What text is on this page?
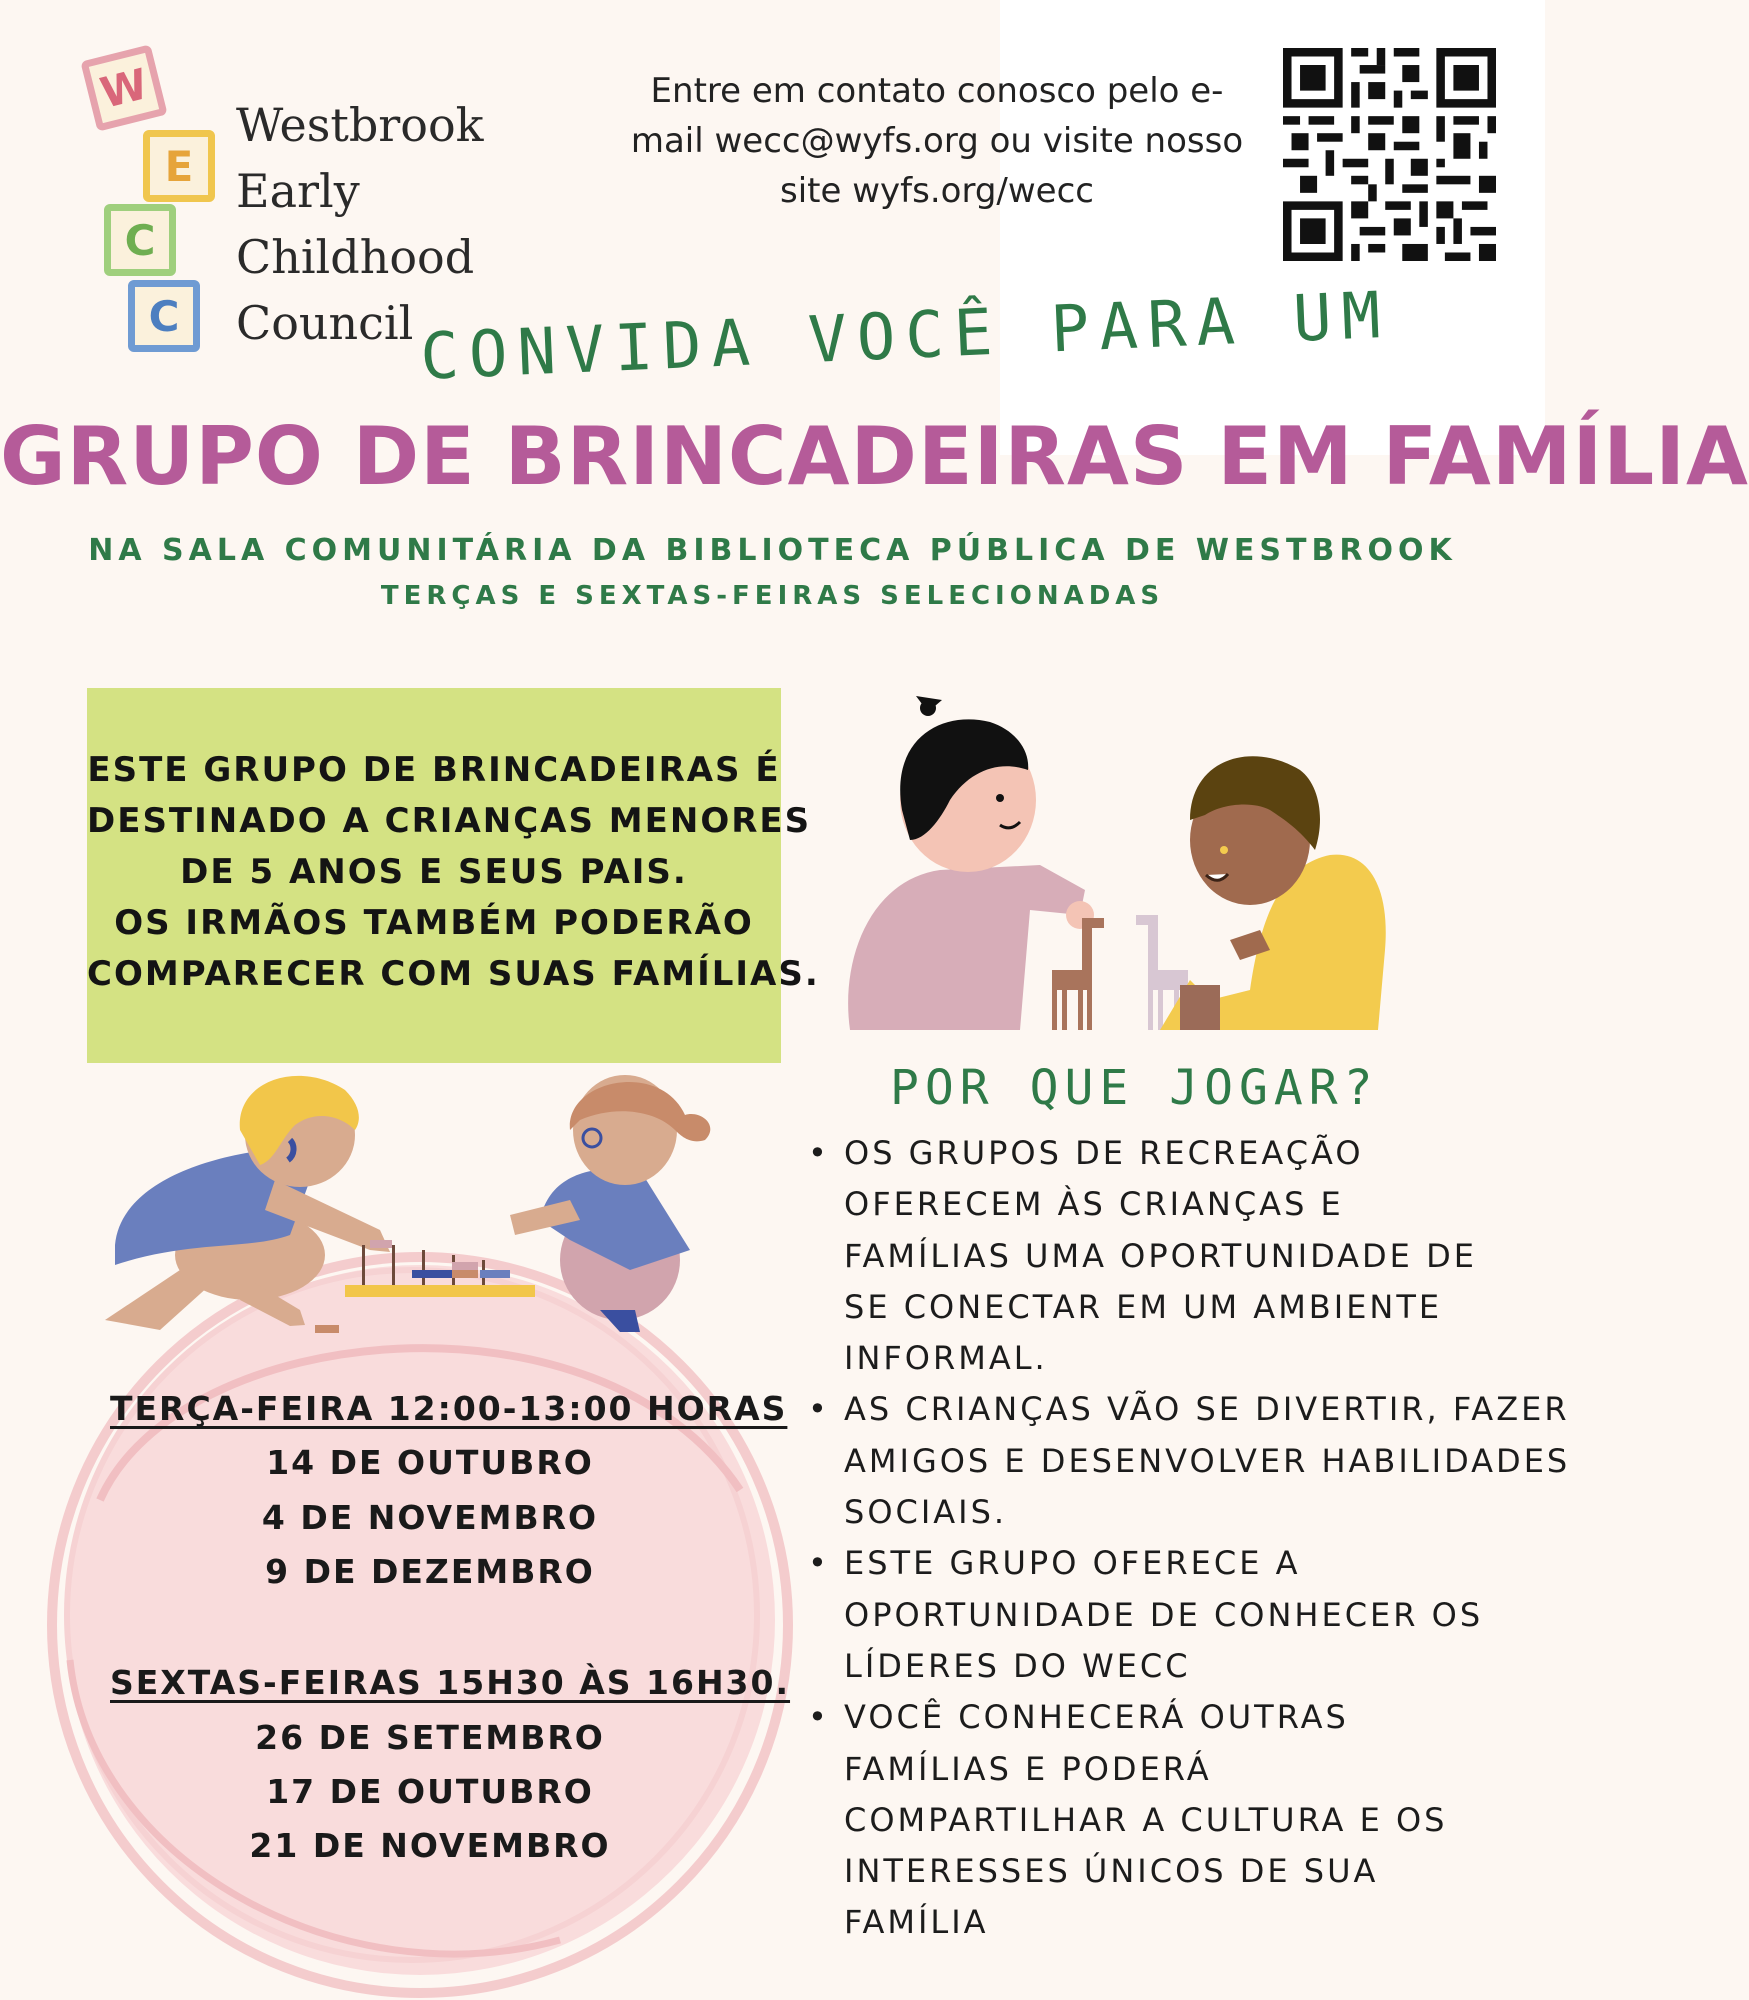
W
E
C
C
Westbrook
Early
Childhood
Council
Entre em contato conosco pelo e-
mail wecc@wyfs.org ou visite nosso
site wyfs.org/wecc
CONVIDA VOCÊ PARA UM
GRUPO DE BRINCADEIRAS EM FAMÍLIA
NA SALA COMUNITÁRIA DA BIBLIOTECA PÚBLICA DE WESTBROOK
TERÇAS E SEXTAS-FEIRAS SELECIONADAS
ESTE GRUPO DE BRINCADEIRAS É
DESTINADO A CRIANÇAS MENORES
DE 5 ANOS E SEUS PAIS.
OS IRMÃOS TAMBÉM PODERÃO
COMPARECER COM SUAS FAMÍLIAS.
TERÇA-FEIRA 12:00-13:00 HORAS
14 DE OUTUBRO
4 DE NOVEMBRO
9 DE DEZEMBRO
SEXTAS-FEIRAS 15H30 ÀS 16H30.
26 DE SETEMBRO
17 DE OUTUBRO
21 DE NOVEMBRO
POR QUE JOGAR?
• OS GRUPOS DE RECREAÇÃO
OFERECEM ÀS CRIANÇAS E
FAMÍLIAS UMA OPORTUNIDADE DE
SE CONECTAR EM UM AMBIENTE
INFORMAL.
• AS CRIANÇAS VÃO SE DIVERTIR, FAZER
AMIGOS E DESENVOLVER HABILIDADES
SOCIAIS.
• ESTE GRUPO OFERECE A
OPORTUNIDADE DE CONHECER OS
LÍDERES DO WECC
• VOCÊ CONHECERÁ OUTRAS
FAMÍLIAS E PODERÁ
COMPARTILHAR A CULTURA E OS
INTERESSES ÚNICOS DE SUA
FAMÍLIA
